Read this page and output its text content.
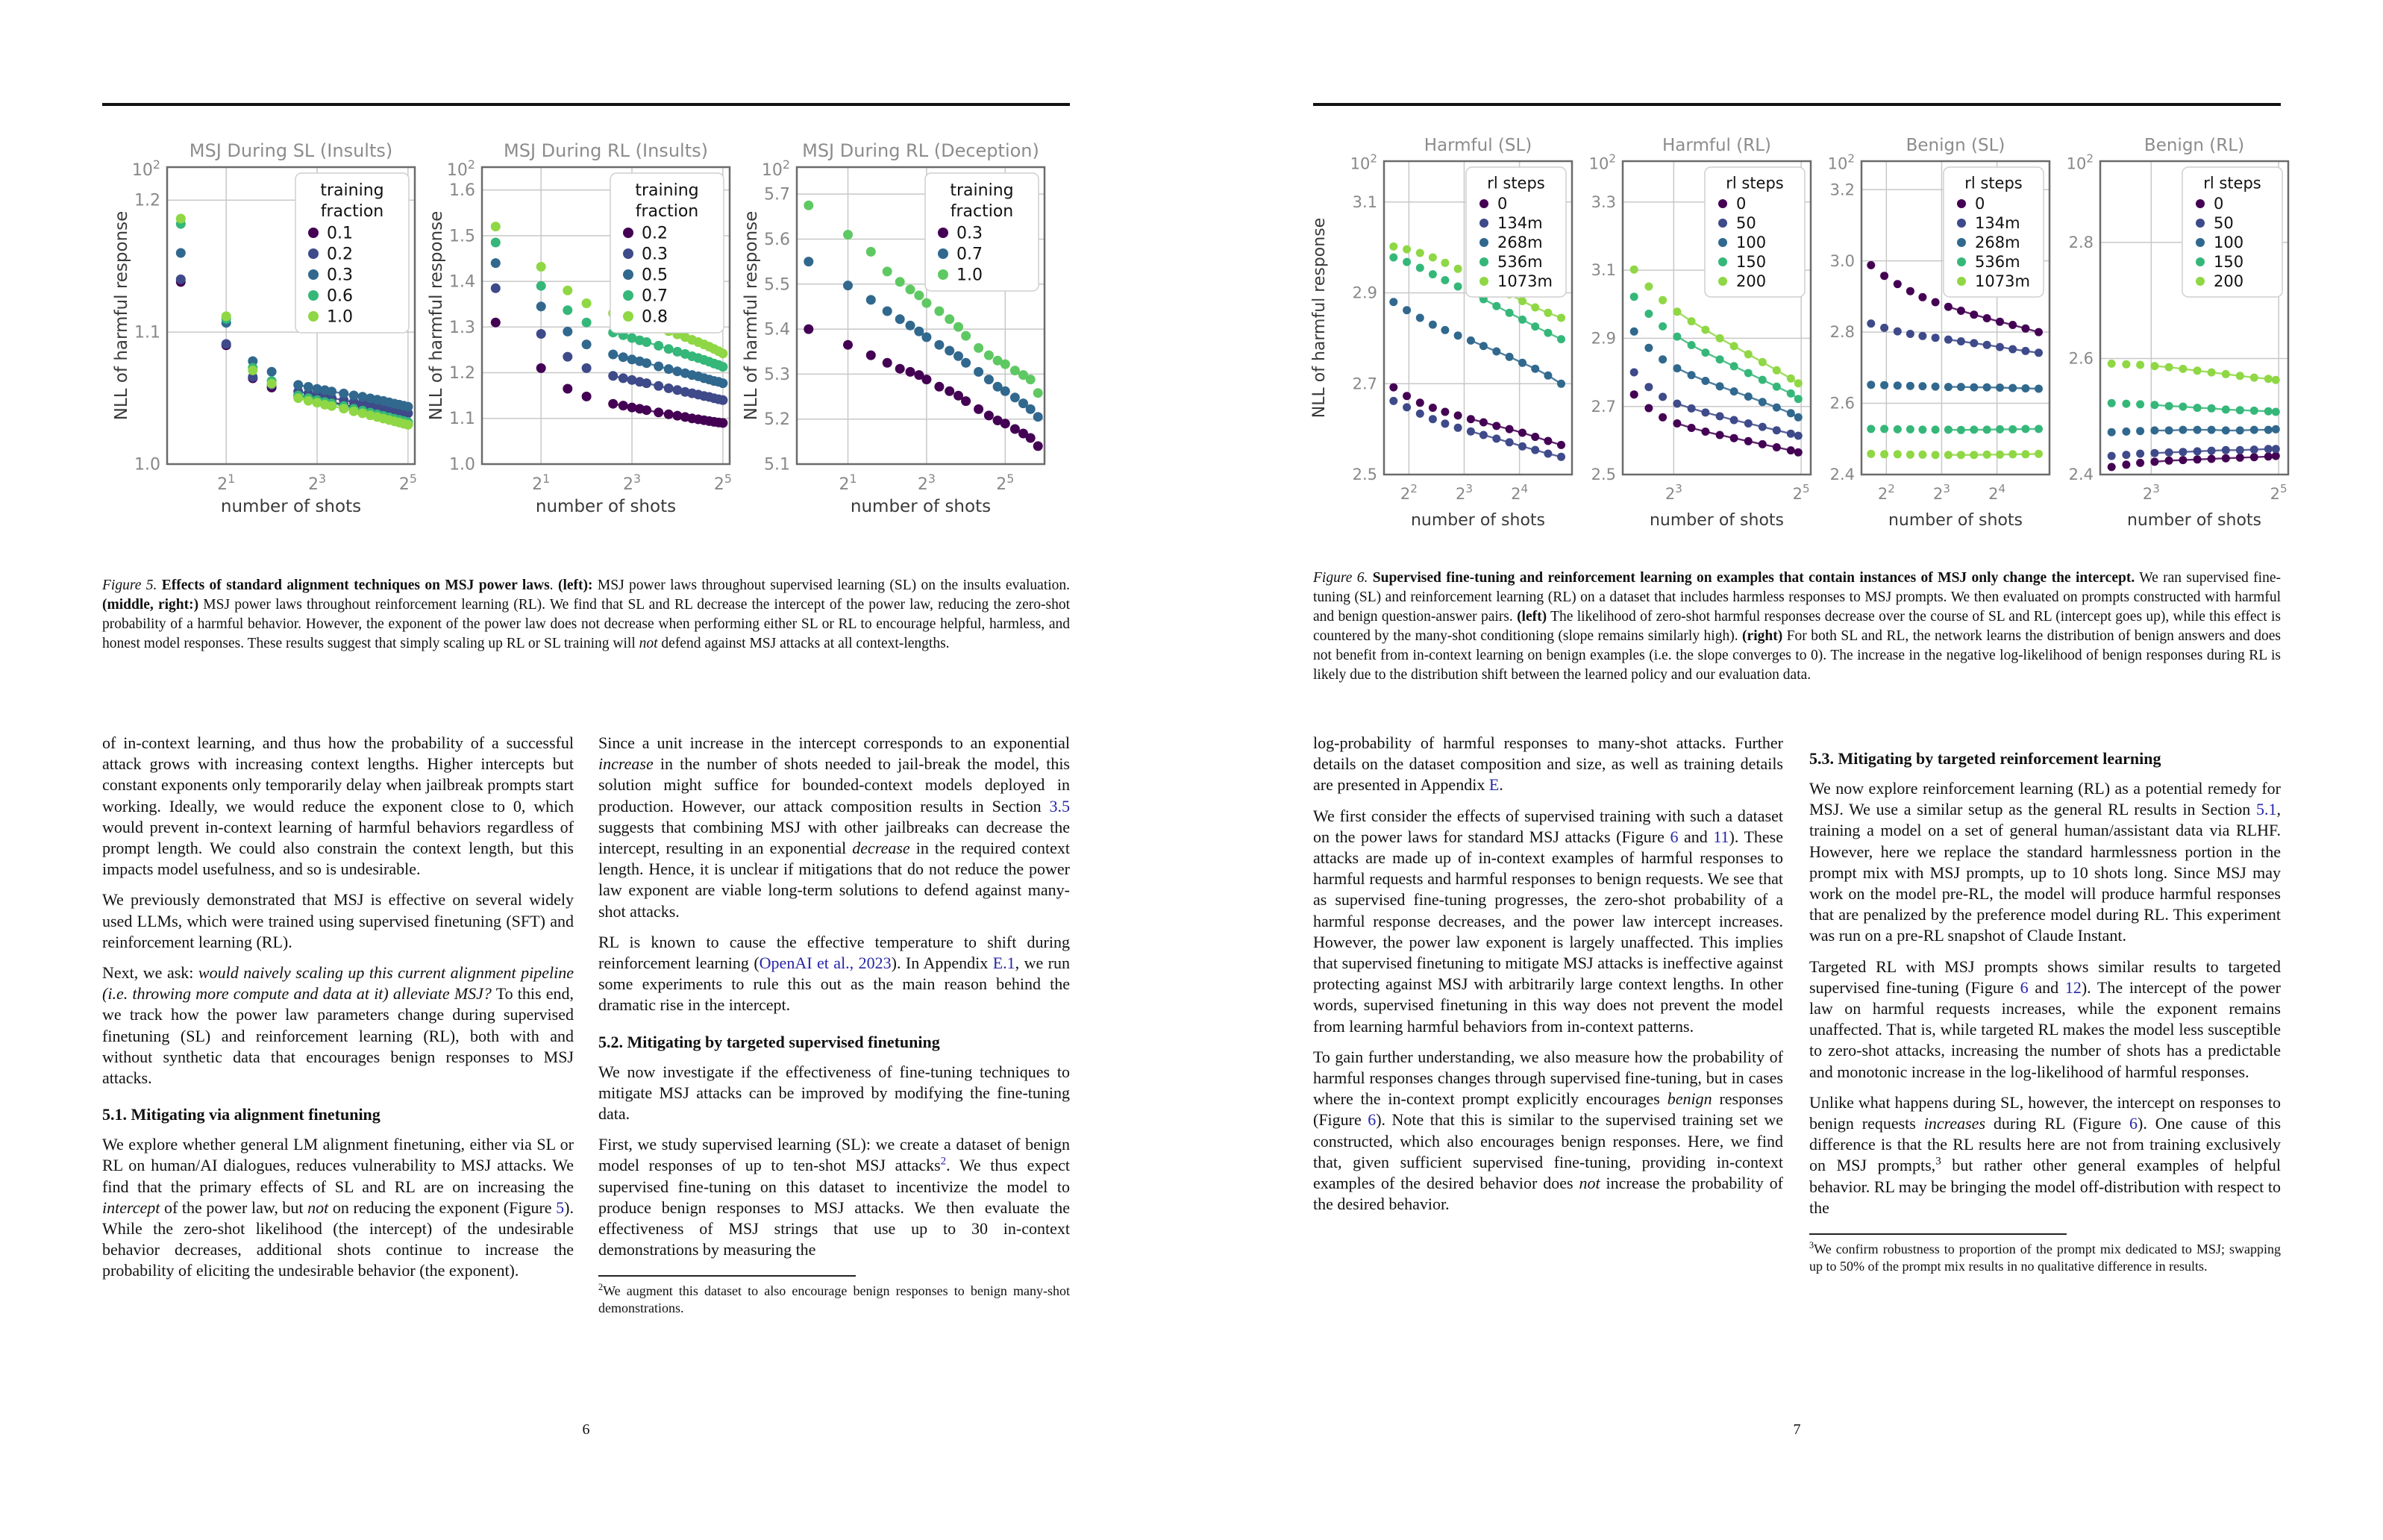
$10^2$
1.2
1.1
1.0
$2^1$	$2^3$	$2^5$
number of shots
NLL of harmful response
MSJ During SL (Insults)
training
fraction
0.1
0.2
0.3
0.6
1.0
$10^2$
1.6
1.5
1.4
1.3
1.2
1.1
1.0
$2^1$	$2^3$	$2^5$
number of shots
NLL of harmful response
MSJ During RL (Insults)
training
fraction
0.2
0.3
0.5
0.7
0.8
$10^2$
5.7
5.6
5.5
5.4
5.3
5.2
5.1
$2^1$	$2^3$	$2^5$
number of shots
NLL of harmful response
MSJ During RL (Deception)
training
fraction
0.3
0.7
1.0

Figure 5. Effects of standard alignment techniques on MSJ power laws. (left): MSJ power laws throughout supervised learning (SL) on the insults evaluation. (middle, right:) MSJ power laws throughout reinforcement learning (RL). We find that SL and RL decrease the intercept of the power law, reducing the zero-shot probability of a harmful behavior. However, the exponent of the power law does not decrease when performing either SL or RL to encourage helpful, harmless, and honest model responses. These results suggest that simply scaling up RL or SL training will not defend against MSJ attacks at all context-lengths.

of in-context learning, and thus how the probability of a successful attack grows with increasing context lengths. Higher intercepts but constant exponents only temporarily delay when jailbreak prompts start working. Ideally, we would reduce the exponent close to 0, which would prevent in-context learning of harmful behaviors regardless of prompt length. We could also constrain the context length, but this impacts model usefulness, and so is undesirable.

We previously demonstrated that MSJ is effective on several widely used LLMs, which were trained using supervised finetuning (SFT) and reinforcement learning (RL).

Next, we ask: would naively scaling up this current alignment pipeline (i.e. throwing more compute and data at it) alleviate MSJ? To this end, we track how the power law parameters change during supervised finetuning (SL) and reinforcement learning (RL), both with and without synthetic data that encourages benign responses to MSJ attacks.

5.1. Mitigating via alignment finetuning

We explore whether general LM alignment finetuning, either via SL or RL on human/AI dialogues, reduces vulnerability to MSJ attacks. We find that the primary effects of SL and RL are on increasing the intercept of the power law, but not on reducing the exponent (Figure 5). While the zero-shot likelihood (the intercept) of the undesirable behavior decreases, additional shots continue to increase the probability of eliciting the undesirable behavior (the exponent).

Since a unit increase in the intercept corresponds to an exponential increase in the number of shots needed to jail-break the model, this solution might suffice for bounded-context models deployed in production. However, our attack composition results in Section 3.5 suggests that combining MSJ with other jailbreaks can decrease the intercept, resulting in an exponential decrease in the required context length. Hence, it is unclear if mitigations that do not reduce the power law exponent are viable long-term solutions to defend against many-shot attacks.

RL is known to cause the effective temperature to shift during reinforcement learning (OpenAI et al., 2023). In Appendix E.1, we run some experiments to rule this out as the main reason behind the dramatic rise in the intercept.

5.2. Mitigating by targeted supervised finetuning

We now investigate if the effectiveness of fine-tuning techniques to mitigate MSJ attacks can be improved by modifying the fine-tuning data.

First, we study supervised learning (SL): we create a dataset of benign model responses of up to ten-shot MSJ attacks$^2$. We thus expect supervised fine-tuning on this dataset to incentivize the model to produce benign responses to MSJ attacks. We then evaluate the effectiveness of MSJ strings that use up to 30 in-context demonstrations by measuring the

$^2$We augment this dataset to also encourage benign responses to benign many-shot demonstrations.

6
$10^2$
3.1
2.9
2.7
2.5
$2^2$ $2^3$ $2^4$
number of shots
NLL of harmful response
Harmful (SL)
rl steps
0
134m
268m
536m
1073m
$10^2$
3.3
3.1
2.9
2.7
2.5
$2^3$	$2^5$
number of shots
Harmful (RL)
rl steps
0
50
100
150
200
$10^2$
3.2
3.0
2.8
2.6
2.4
$2^2$ $2^3$ $2^4$
number of shots
Benign (SL)
rl steps
0
134m
268m
536m
1073m
$10^2$
2.8
2.6
2.4
$2^3$	$2^5$
number of shots
Benign (RL)
rl steps
0
50
100
150
200

Figure 6. Supervised fine-tuning and reinforcement learning on examples that contain instances of MSJ only change the intercept. We ran supervised fine-tuning (SL) and reinforcement learning (RL) on a dataset that includes harmless responses to MSJ prompts. We then evaluated on prompts constructed with harmful and benign question-answer pairs. (left) The likelihood of zero-shot harmful responses decrease over the course of SL and RL (intercept goes up), while this effect is countered by the many-shot conditioning (slope remains similarly high). (right) For both SL and RL, the network learns the distribution of benign answers and does not benefit from in-context learning on benign examples (i.e. the slope converges to 0). The increase in the negative log-likelihood of benign responses during RL is likely due to the distribution shift between the learned policy and our evaluation data.

log-probability of harmful responses to many-shot attacks. Further details on the dataset composition and size, as well as training details are presented in Appendix E.

We first consider the effects of supervised training with such a dataset on the power laws for standard MSJ attacks (Figure 6 and 11). These attacks are made up of in-context examples of harmful responses to harmful requests and harmful responses to benign requests. We see that as supervised fine-tuning progresses, the zero-shot probability of a harmful response decreases, and the power law intercept increases. However, the power law exponent is largely unaffected. This implies that supervised finetuning to mitigate MSJ attacks is ineffective against protecting against MSJ with arbitrarily large context lengths. In other words, supervised finetuning in this way does not prevent the model from learning harmful behaviors from in-context patterns.

To gain further understanding, we also measure how the probability of harmful responses changes through supervised fine-tuning, but in cases where the in-context prompt explicitly encourages benign responses (Figure 6). Note that this is similar to the supervised training set we constructed, which also encourages benign responses. Here, we find that, given sufficient supervised fine-tuning, providing in-context examples of the desired behavior does not increase the probability of the desired behavior.

5.3. Mitigating by targeted reinforcement learning

We now explore reinforcement learning (RL) as a potential remedy for MSJ. We use a similar setup as the general RL results in Section 5.1, training a model on a set of general human/assistant data via RLHF. However, here we replace the standard harmlessness portion in the prompt mix with MSJ prompts, up to 10 shots long. Since MSJ may work on the model pre-RL, the model will produce harmful responses that are penalized by the preference model during RL. This experiment was run on a pre-RL snapshot of Claude Instant.

Targeted RL with MSJ prompts shows similar results to targeted supervised fine-tuning (Figure 6 and 12). The intercept of the power law on harmful requests increases, while the exponent remains unaffected. That is, while targeted RL makes the model less susceptible to zero-shot attacks, increasing the number of shots has a predictable and monotonic increase in the log-likelihood of harmful responses.

Unlike what happens during SL, however, the intercept on responses to benign requests increases during RL (Figure 6). One cause of this difference is that the RL results here are not from training exclusively on MSJ prompts,$^3$ but rather other general examples of helpful behavior. RL may be bringing the model off-distribution with respect to the

$^3$We confirm robustness to proportion of the prompt mix dedicated to MSJ; swapping up to 50% of the prompt mix results in no qualitative difference in results.

7
